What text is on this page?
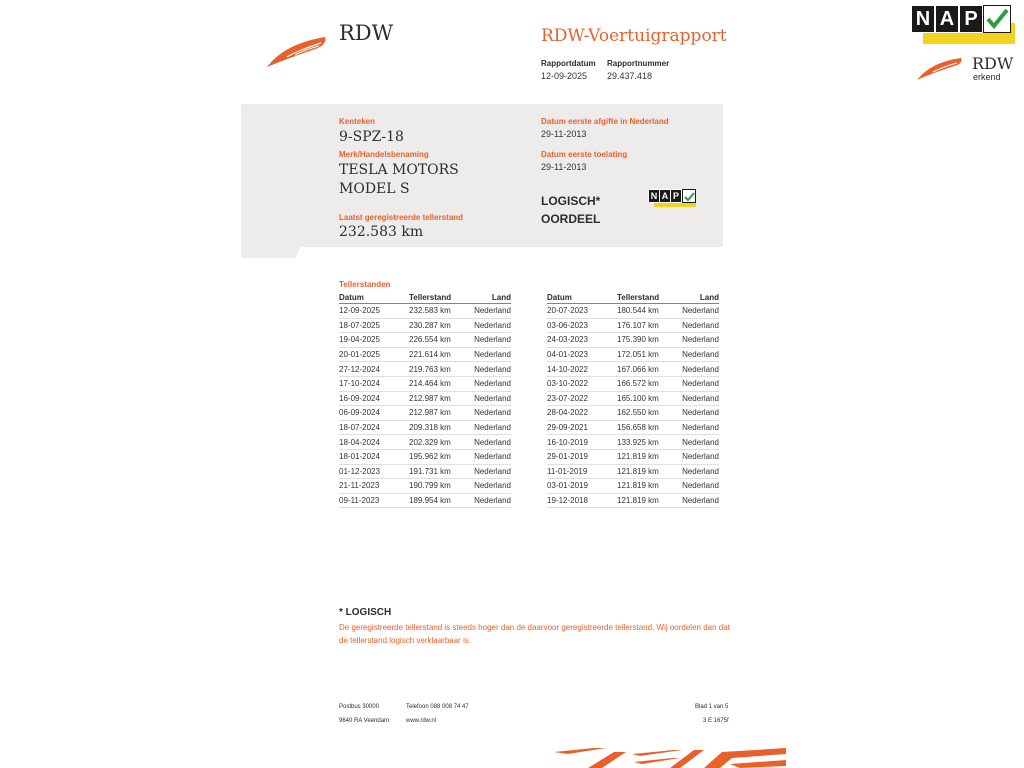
RDW	RDW-Voertuigrapport
Rapportdatum Rapportnummer
12-09-2025 29.437.418
N A P
RDW
erkend
Kenteken
9-SPZ-18
Merk/Handelsbenaming
TESLA MOTORS
MODEL S
Laatst geregistreerde tellerstand
232.583 km
Datum eerste afgifte in Nederland
29-11-2013
Datum eerste toelating
29-11-2013
LOGISCH*
OORDEEL
N A P
Tellerstanden
Datum	Tellerstand	Land
12-09-2025	232.583 km	Nederland
18-07-2025	230.287 km	Nederland
19-04-2025	226.554 km	Nederland
20-01-2025	221.614 km	Nederland
27-12-2024	219.763 km	Nederland
17-10-2024	214.464 km	Nederland
16-09-2024	212.987 km	Nederland
06-09-2024	212.987 km	Nederland
18-07-2024	209.318 km	Nederland
18-04-2024	202.329 km	Nederland
18-01-2024	195.962 km	Nederland
01-12-2023	191.731 km	Nederland
21-11-2023	190.799 km	Nederland
09-11-2023	189.954 km	Nederland
Datum	Tellerstand	Land
20-07-2023	180.544 km	Nederland
03-06-2023	176.107 km	Nederland
24-03-2023	175.390 km	Nederland
04-01-2023	172.051 km	Nederland
14-10-2022	167.066 km	Nederland
03-10-2022	166.572 km	Nederland
23-07-2022	165.100 km	Nederland
28-04-2022	162.550 km	Nederland
29-09-2021	156.658 km	Nederland
16-10-2019	133.925 km	Nederland
29-01-2019	121.819 km	Nederland
11-01-2019	121.819 km	Nederland
03-01-2019	121.819 km	Nederland
19-12-2018	121.819 km	Nederland
* LOGISCH
De geregistreerde tellerstand is steeds hoger dan de daarvoor geregistreerde tellerstand. Wij oordelen dan dat de tellerstand logisch verklaarbaar is.
Postbus 30000
9640 RA Veendam
Telefoon 088 008 74 47
www.rdw.nl
Blad 1 van 5
3 E 1675f
